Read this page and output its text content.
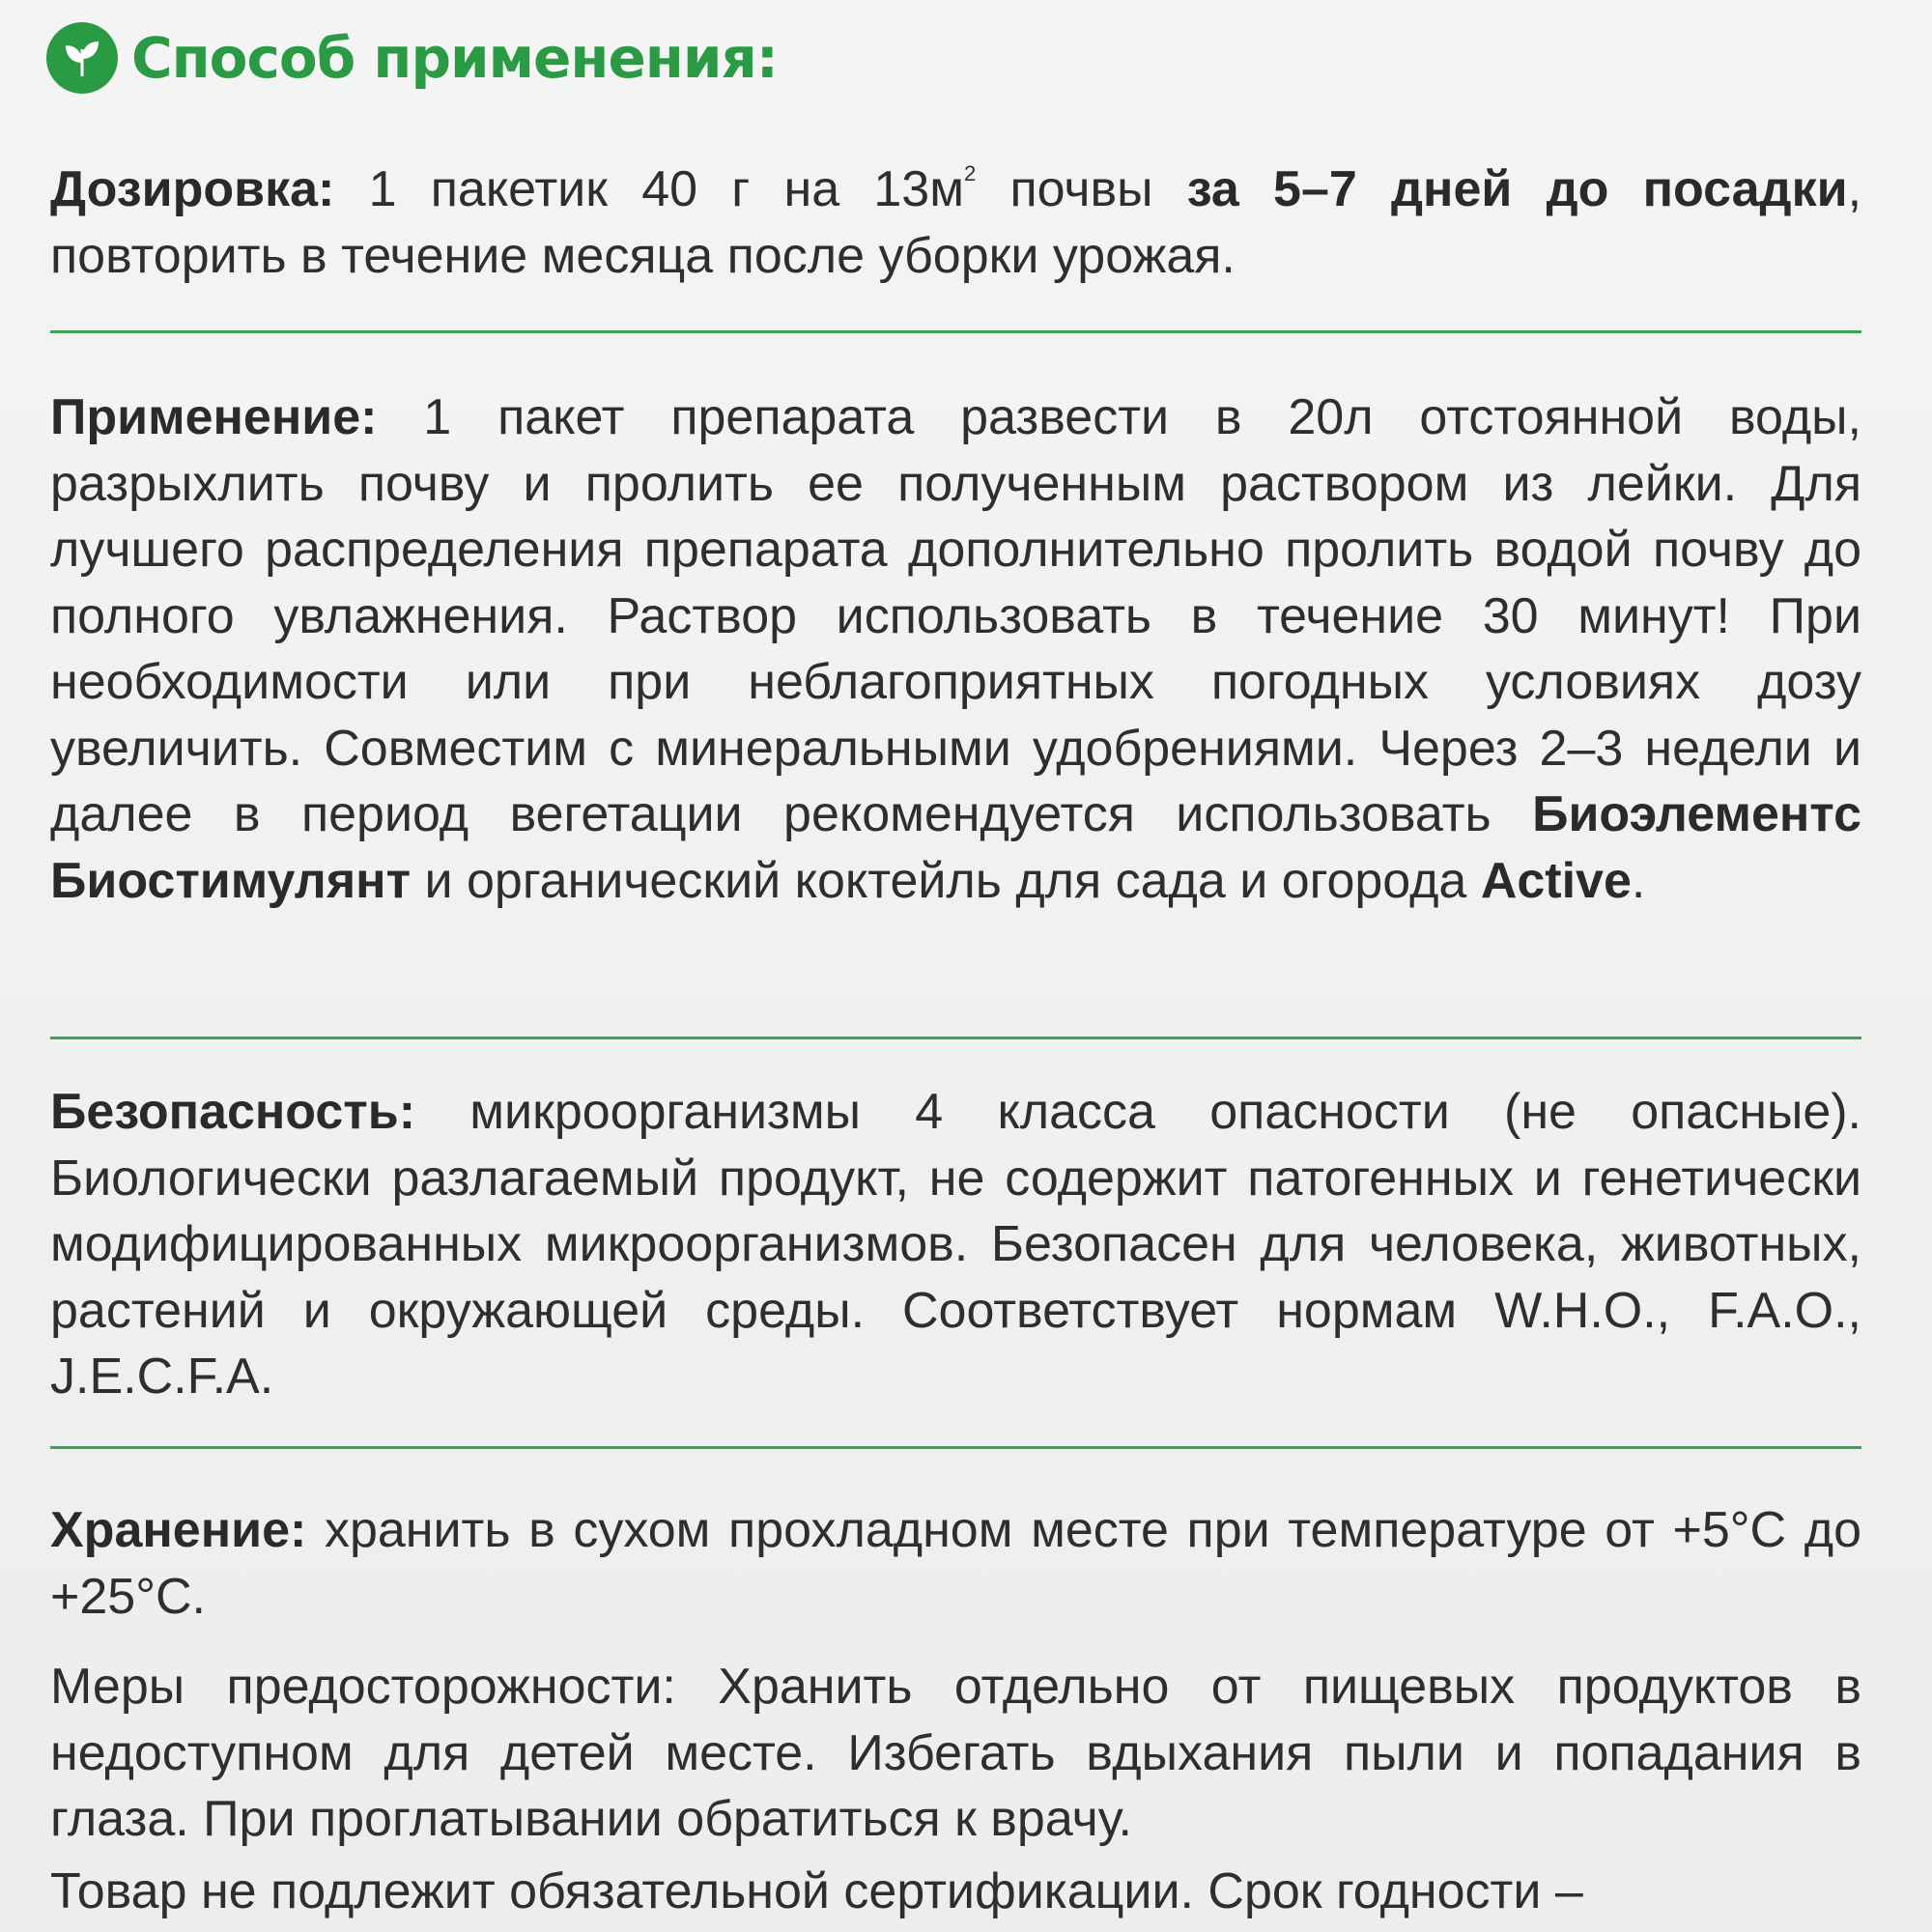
Способ применения:
Дозировка: 1 пакетик 40 г на $13м^2$ почвы за 5–7 дней до посадки, повторить в течение месяца после уборки урожая.
Применение: 1 пакет препарата развести в 20л отстоянной воды, разрыхлить почву и пролить ее полученным раствором из лейки. Для лучшего распределения препарата дополнительно пролить водой почву до полного увлажнения. Раствор использовать в течение 30 минут! При необходимости или при неблагоприятных погодных условиях дозу увеличить. Совместим с минеральными удобрениями. Через 2–3 недели и далее в период вегетации рекомендуется использовать Биоэлементс Биостимулянт и органический коктейль для сада и огорода Active.
Безопасность: микроорганизмы 4 класса опасности (не опасные). Биологически разлагаемый продукт, не содержит патогенных и генетически модифицированных микроорганизмов. Безопасен для человека, животных, растений и окружающей среды. Соответствует нормам W.H.O., F.A.O., J.E.C.F.A.
Хранение: хранить в сухом прохладном месте при температуре от +5°С до +25°С.
Меры предосторожности: Хранить отдельно от пищевых продуктов в недоступном для детей месте. Избегать вдыхания пыли и попадания в глаза. При проглатывании обратиться к врачу.
Товар не подлежит обязательной сертификации. Срок годности –
